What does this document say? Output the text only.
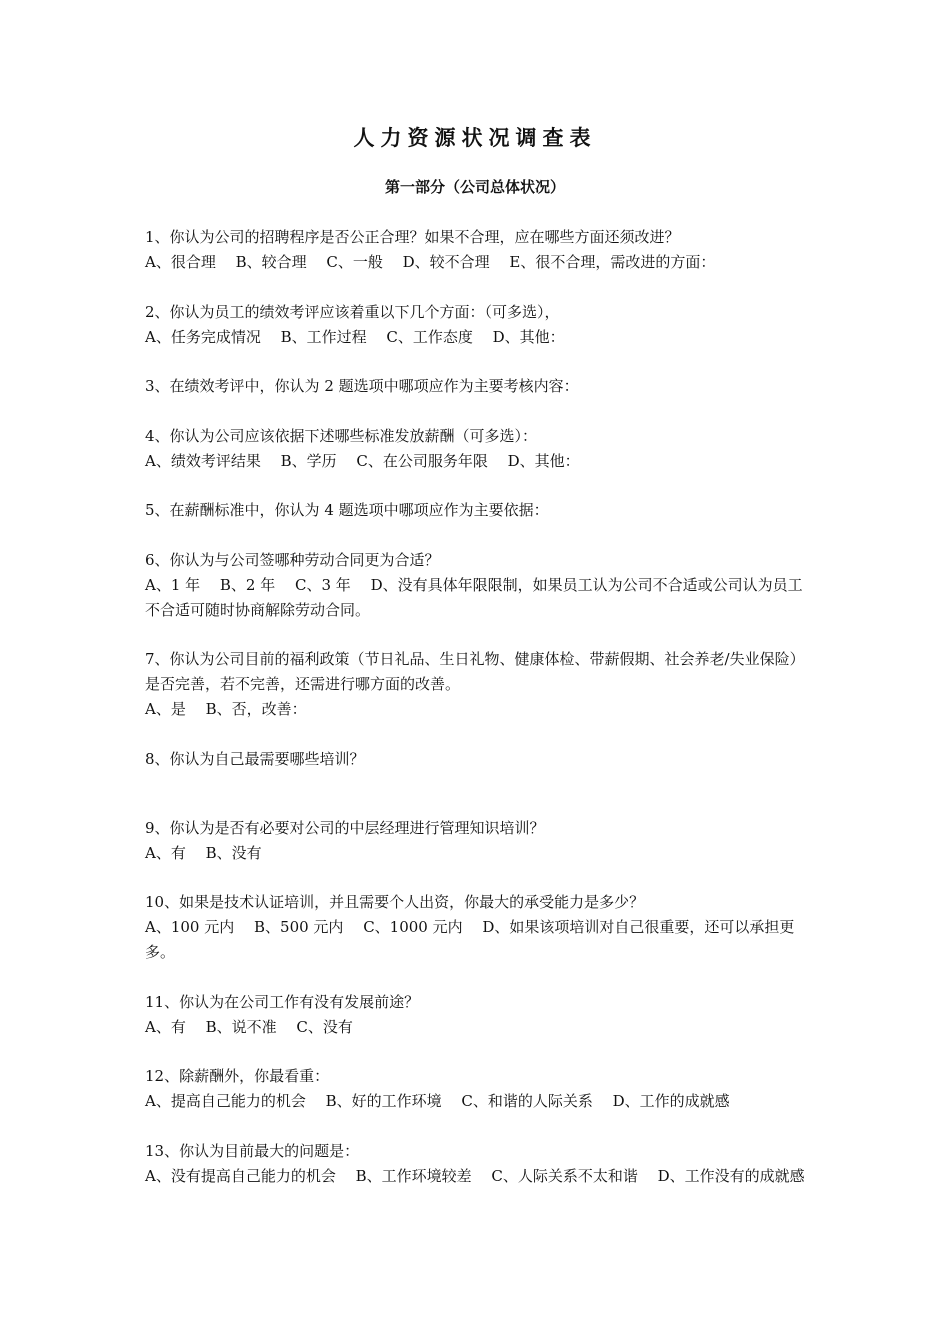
人力资源状况调查表
第一部分（公司总体状况）

1、你认为公司的招聘程序是否公正合理？如果不合理，应在哪些方面还须改进？

A、很合理　 B、较合理　 C、一般　 D、较不合理　 E、很不合理，需改进的方面：

2、你认为员工的绩效考评应该着重以下几个方面：（可多选），

A、任务完成情况　 B、工作过程　 C、工作态度　 D、其他：

3、在绩效考评中，你认为 2 题选项中哪项应作为主要考核内容：

4、你认为公司应该依据下述哪些标准发放薪酬（可多选）：

A、绩效考评结果　 B、学历　 C、在公司服务年限　 D、其他：

5、在薪酬标准中，你认为 4 题选项中哪项应作为主要依据：

6、你认为与公司签哪种劳动合同更为合适？

A、1 年　 B、2 年　 C、3 年　 D、没有具体年限限制，如果员工认为公司不合适或公司认为员工不合适可随时协商解除劳动合同。

7、你认为公司目前的福利政策（节日礼品、生日礼物、健康体检、带薪假期、社会养老/失业保险）是否完善，若不完善，还需进行哪方面的改善。

A、是　 B、否，改善：

8、你认为自己最需要哪些培训？

9、你认为是否有必要对公司的中层经理进行管理知识培训？

A、有　 B、没有

10、如果是技术认证培训，并且需要个人出资，你最大的承受能力是多少？

A、100 元内　 B、500 元内　 C、1000 元内　 D、如果该项培训对自己很重要，还可以承担更多。

11、你认为在公司工作有没有发展前途？

A、有　 B、说不准　 C、没有

12、除薪酬外，你最看重：

A、提高自己能力的机会　 B、好的工作环境　 C、和谐的人际关系　 D、工作的成就感

13、你认为目前最大的问题是：

A、没有提高自己能力的机会　 B、工作环境较差　 C、人际关系不太和谐　 D、工作没有的成就感
